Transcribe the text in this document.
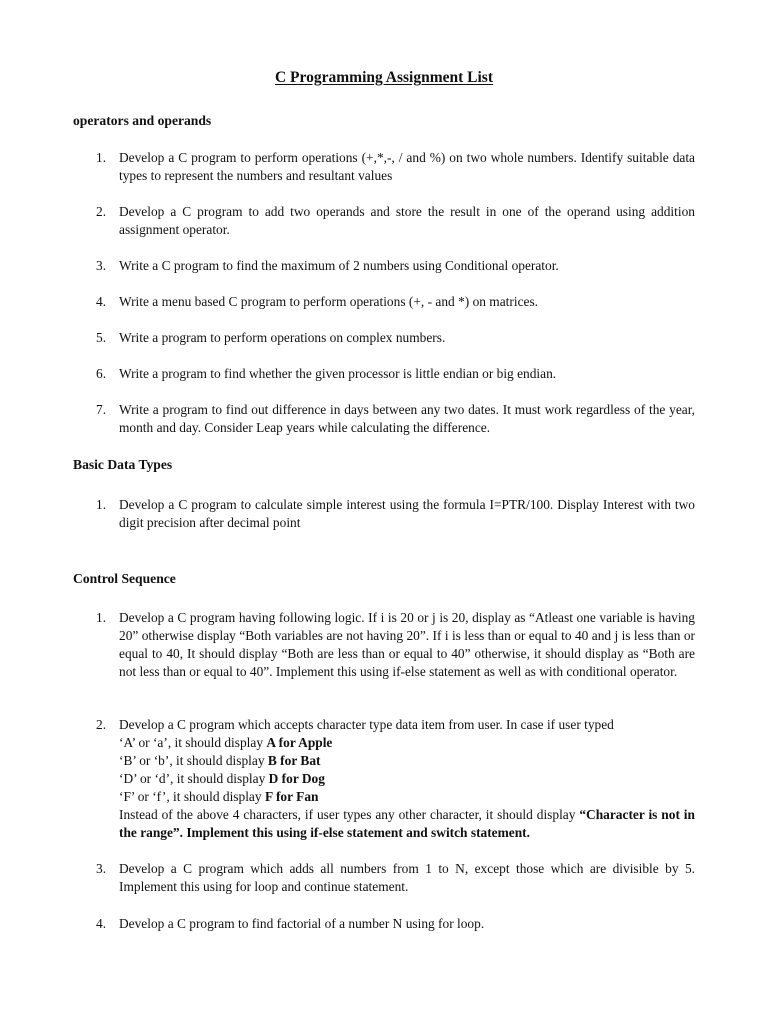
C Programming Assignment List
operators and operands
1. Develop a C program to perform operations (+,*,-, / and %) on two whole numbers. Identify suitable data types to represent the numbers and resultant values
2. Develop a C program to add two operands and store the result in one of the operand using addition assignment operator.
3. Write a C program to find the maximum of 2 numbers using Conditional operator.
4. Write a menu based C program to perform operations (+, - and *) on matrices.
5. Write a program to perform operations on complex numbers.
6. Write a program to find whether the given processor is little endian or big endian.
7. Write a program to find out difference in days between any two dates. It must work regardless of the year, month and day. Consider Leap years while calculating the difference.
Basic Data Types
1. Develop a C program to calculate simple interest using the formula I=PTR/100. Display Interest with two digit precision after decimal point
Control Sequence
1. Develop a C program having following logic. If i is 20 or j is 20, display as “Atleast one variable is having 20” otherwise display “Both variables are not having 20”. If i is less than or equal to 40 and j is less than or equal to 40, It should display “Both are less than or equal to 40” otherwise, it should display as “Both are not less than or equal to 40”. Implement this using if-else statement as well as with conditional operator.
2. Develop a C program which accepts character type data item from user. In case if user typed

‘A’ or ‘a’, it should display A for Apple

‘B’ or ‘b’, it should display B for Bat

‘D’ or ‘d’, it should display D for Dog

‘F’ or ‘f’, it should display F for Fan

Instead of the above 4 characters, if user types any other character, it should display “Character is not in the range”. Implement this using if-else statement and switch statement.

3. Develop a C program which adds all numbers from 1 to N, except those which are divisible by 5. Implement this using for loop and continue statement.
4. Develop a C program to find factorial of a number N using for loop.
